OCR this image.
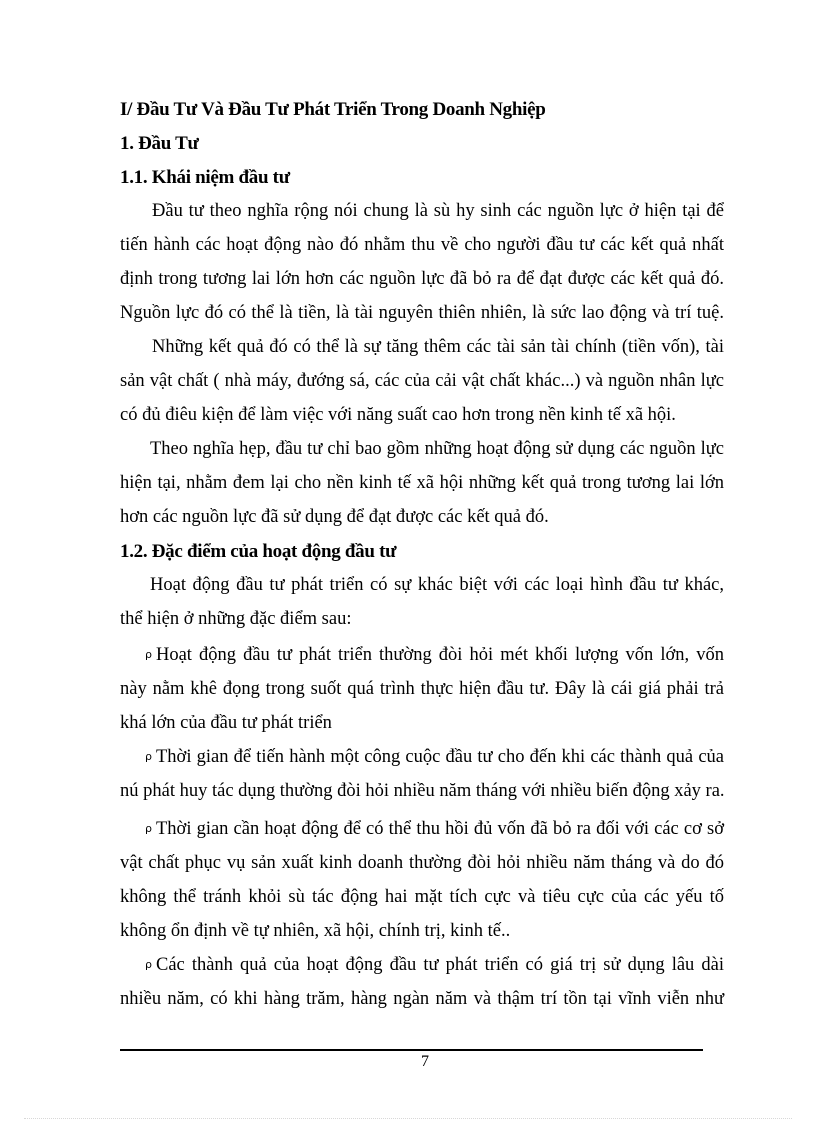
I/ Đầu Tư Và Đầu Tư Phát Triển Trong Doanh Nghiệp
1. Đầu Tư
1.1. Khái niệm đầu tư
Đầu tư theo nghĩa rộng nói chung là sù hy sinh các nguồn lực ở hiện tại để
tiến hành các hoạt động nào đó nhằm thu về cho người đầu tư các kết quả nhất
định trong tương lai lớn hơn các nguồn lực đã bỏ ra để đạt được các kết quả đó.
Nguồn lực đó có thể là tiền, là tài nguyên thiên nhiên, là sức lao động và trí tuệ.
Những kết quả đó có thể là sự tăng thêm các tài sản tài chính (tiền vốn), tài
sản vật chất ( nhà máy, đướng sá, các của cải vật chất khác...) và nguồn nhân lực
có đủ điêu kiện để làm việc với năng suất cao hơn trong nền kinh tế xã hội.
Theo nghĩa hẹp, đầu tư chỉ bao gồm những hoạt động sử dụng các nguồn lực
hiện tại, nhằm đem lại cho nền kinh tế xã hội những kết quả trong tương lai lớn
hơn các nguồn lực đã sử dụng để đạt được các kết quả đó.
1.2. Đặc điểm của hoạt động đầu tư
Hoạt động đầu tư phát triển có sự khác biệt với các loại hình đầu tư khác,
thể hiện ở những đặc điểm sau:
ρ Hoạt động đầu tư phát triển thường đòi hỏi mét khối lượng vốn lớn, vốn
này nằm khê đọng trong suốt quá trình thực hiện đầu tư. Đây là cái giá phải trả
khá lớn của đầu tư phát triển
ρ Thời gian để tiến hành một công cuộc đầu tư cho đến khi các thành quả của
nú phát huy tác dụng thường đòi hỏi nhiều năm tháng với nhiều biến động xảy ra.
ρ Thời gian cần hoạt động để có thể thu hồi đủ vốn đã bỏ ra đối với các cơ sở
vật chất phục vụ sản xuất kinh doanh thường đòi hỏi nhiều năm tháng và do đó
không thể tránh khỏi sù tác động hai mặt tích cực và tiêu cực của các yếu tố
không ổn định về tự nhiên, xã hội, chính trị, kinh tế..
ρ Các thành quả của hoạt động đầu tư phát triển có giá trị sử dụng lâu dài
nhiều năm, có khi hàng trăm, hàng ngàn năm và thậm trí tồn tại vĩnh viễn như
7
